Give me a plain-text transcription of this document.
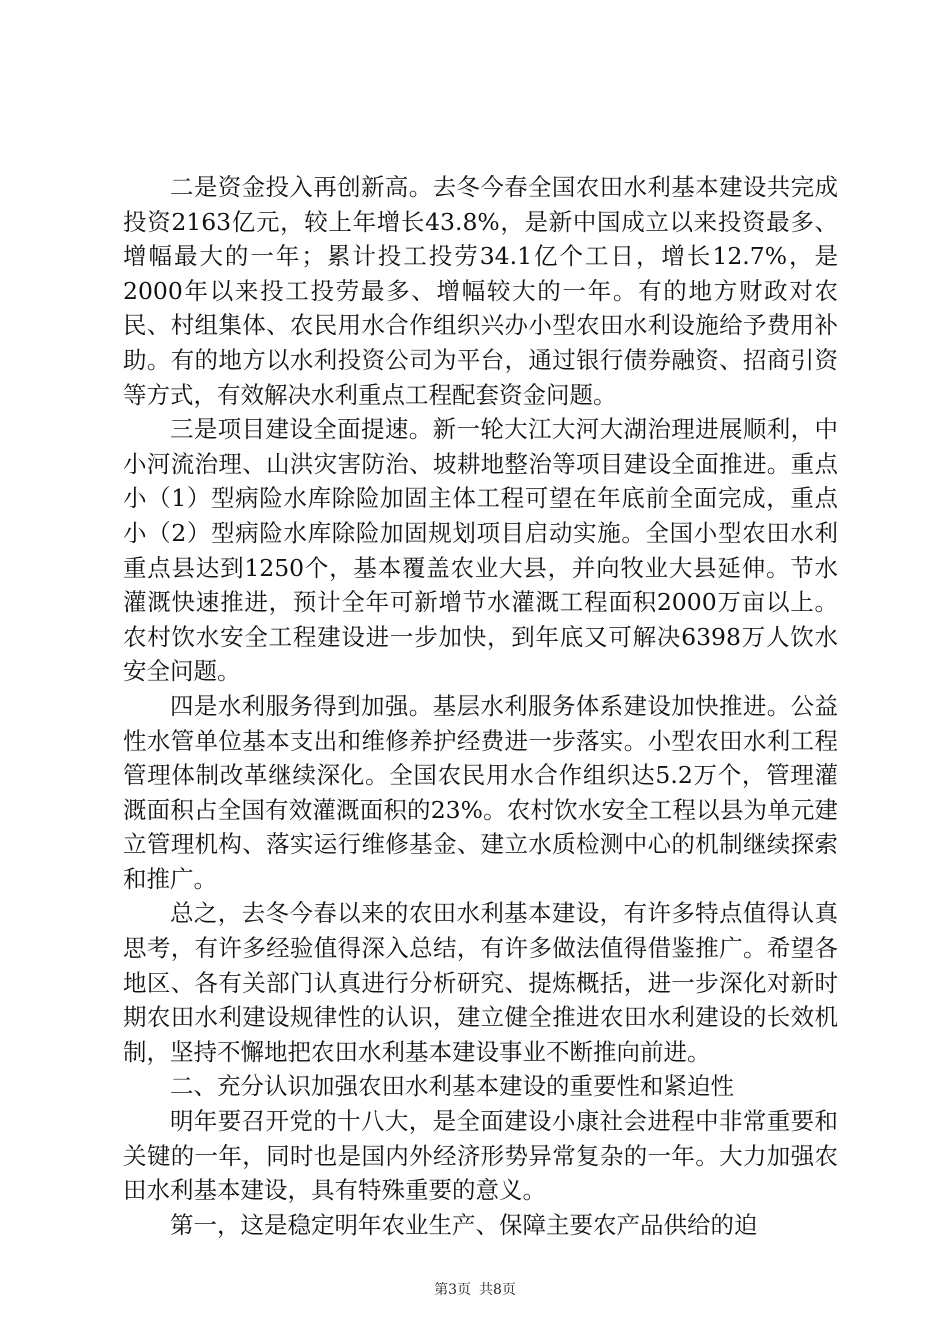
二是资金投入再创新高。去冬今春全国农田水利基本建设共完成投资2163亿元，较上年增长43.8%，是新中国成立以来投资最多、增幅最大的一年；累计投工投劳34.1亿个工日，增长12.7%，是2000年以来投工投劳最多、增幅较大的一年。有的地方财政对农民、村组集体、农民用水合作组织兴办小型农田水利设施给予费用补助。有的地方以水利投资公司为平台，通过银行债券融资、招商引资等方式，有效解决水利重点工程配套资金问题。

三是项目建设全面提速。新一轮大江大河大湖治理进展顺利，中小河流治理、山洪灾害防治、坡耕地整治等项目建设全面推进。重点小（1）型病险水库除险加固主体工程可望在年底前全面完成，重点小（2）型病险水库除险加固规划项目启动实施。全国小型农田水利重点县达到1250个，基本覆盖农业大县，并向牧业大县延伸。节水灌溉快速推进，预计全年可新增节水灌溉工程面积2000万亩以上。农村饮水安全工程建设进一步加快，到年底又可解决6398万人饮水安全问题。

四是水利服务得到加强。基层水利服务体系建设加快推进。公益性水管单位基本支出和维修养护经费进一步落实。小型农田水利工程管理体制改革继续深化。全国农民用水合作组织达5.2万个，管理灌溉面积占全国有效灌溉面积的23%。农村饮水安全工程以县为单元建立管理机构、落实运行维修基金、建立水质检测中心的机制继续探索和推广。

总之，去冬今春以来的农田水利基本建设，有许多特点值得认真思考，有许多经验值得深入总结，有许多做法值得借鉴推广。希望各地区、各有关部门认真进行分析研究、提炼概括，进一步深化对新时期农田水利建设规律性的认识，建立健全推进农田水利建设的长效机制，坚持不懈地把农田水利基本建设事业不断推向前进。

二、充分认识加强农田水利基本建设的重要性和紧迫性

明年要召开党的十八大，是全面建设小康社会进程中非常重要和关键的一年，同时也是国内外经济形势异常复杂的一年。大力加强农田水利基本建设，具有特殊重要的意义。

第一，这是稳定明年农业生产、保障主要农产品供给的迫

第3页 共8页
